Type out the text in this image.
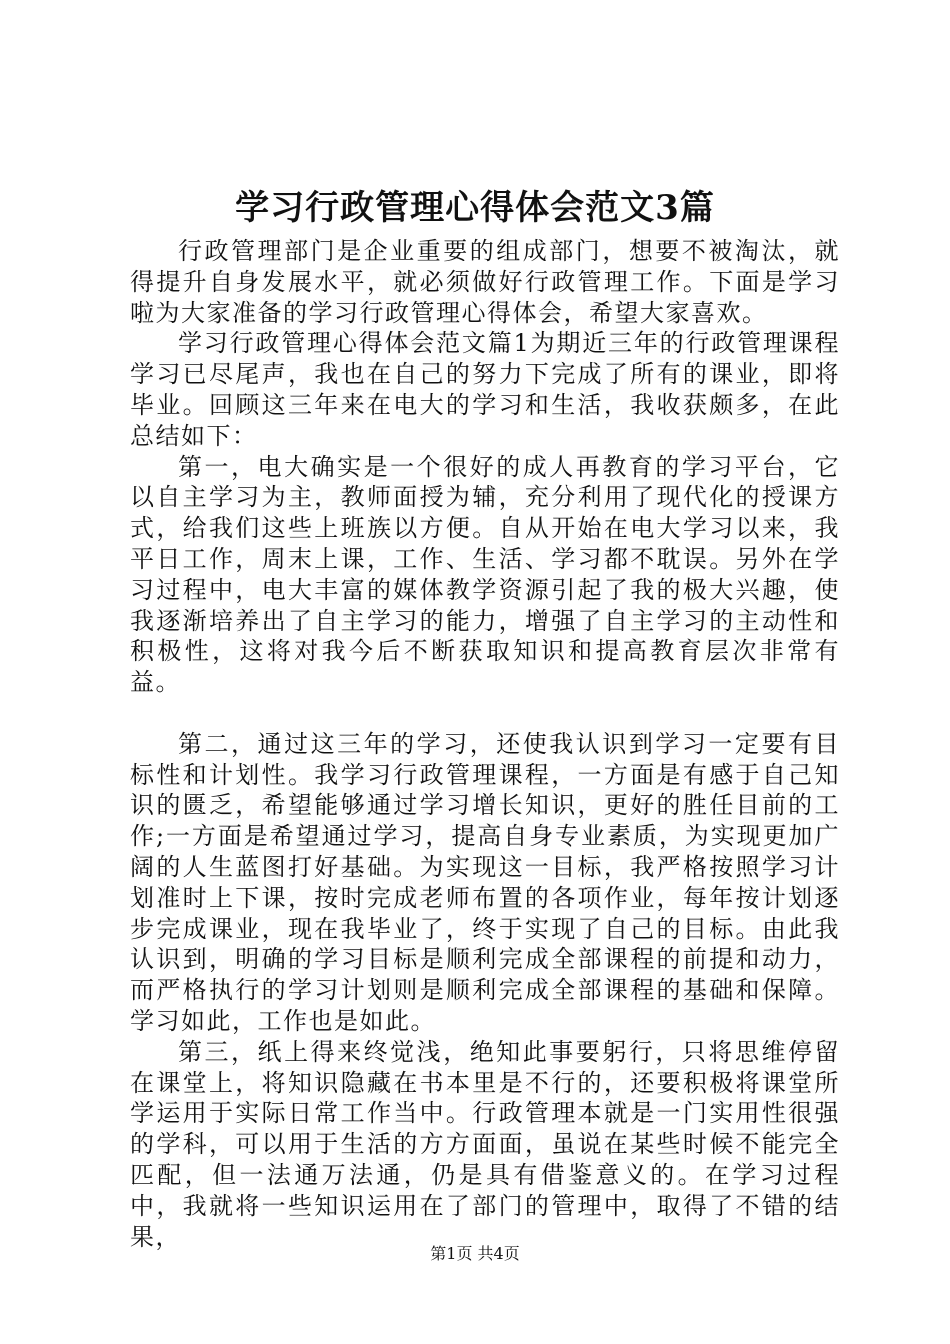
学习行政管理心得体会范文3篇

行政管理部门是企业重要的组成部门，想要不被淘汰，就得提升自身发展水平，就必须做好行政管理工作。下面是学习啦为大家准备的学习行政管理心得体会，希望大家喜欢。

学习行政管理心得体会范文篇1为期近三年的行政管理课程学习已尽尾声，我也在自己的努力下完成了所有的课业，即将毕业。回顾这三年来在电大的学习和生活，我收获颇多，在此总结如下：

第一，电大确实是一个很好的成人再教育的学习平台，它以自主学习为主，教师面授为辅，充分利用了现代化的授课方式，给我们这些上班族以方便。自从开始在电大学习以来，我平日工作，周末上课，工作、生活、学习都不耽误。另外在学习过程中，电大丰富的媒体教学资源引起了我的极大兴趣，使我逐渐培养出了自主学习的能力，增强了自主学习的主动性和积极性，这将对我今后不断获取知识和提高教育层次非常有益。

第二，通过这三年的学习，还使我认识到学习一定要有目标性和计划性。我学习行政管理课程，一方面是有感于自己知识的匮乏，希望能够通过学习增长知识，更好的胜任目前的工作;一方面是希望通过学习，提高自身专业素质，为实现更加广阔的人生蓝图打好基础。为实现这一目标，我严格按照学习计划准时上下课，按时完成老师布置的各项作业，每年按计划逐步完成课业，现在我毕业了，终于实现了自己的目标。由此我认识到，明确的学习目标是顺利完成全部课程的前提和动力，而严格执行的学习计划则是顺利完成全部课程的基础和保障。学习如此，工作也是如此。

第三，纸上得来终觉浅，绝知此事要躬行，只将思维停留在课堂上，将知识隐藏在书本里是不行的，还要积极将课堂所学运用于实际日常工作当中。行政管理本就是一门实用性很强的学科，可以用于生活的方方面面，虽说在某些时候不能完全匹配，但一法通万法通，仍是具有借鉴意义的。在学习过程中，我就将一些知识运用在了部门的管理中，取得了不错的结果，

第1页 共4页
